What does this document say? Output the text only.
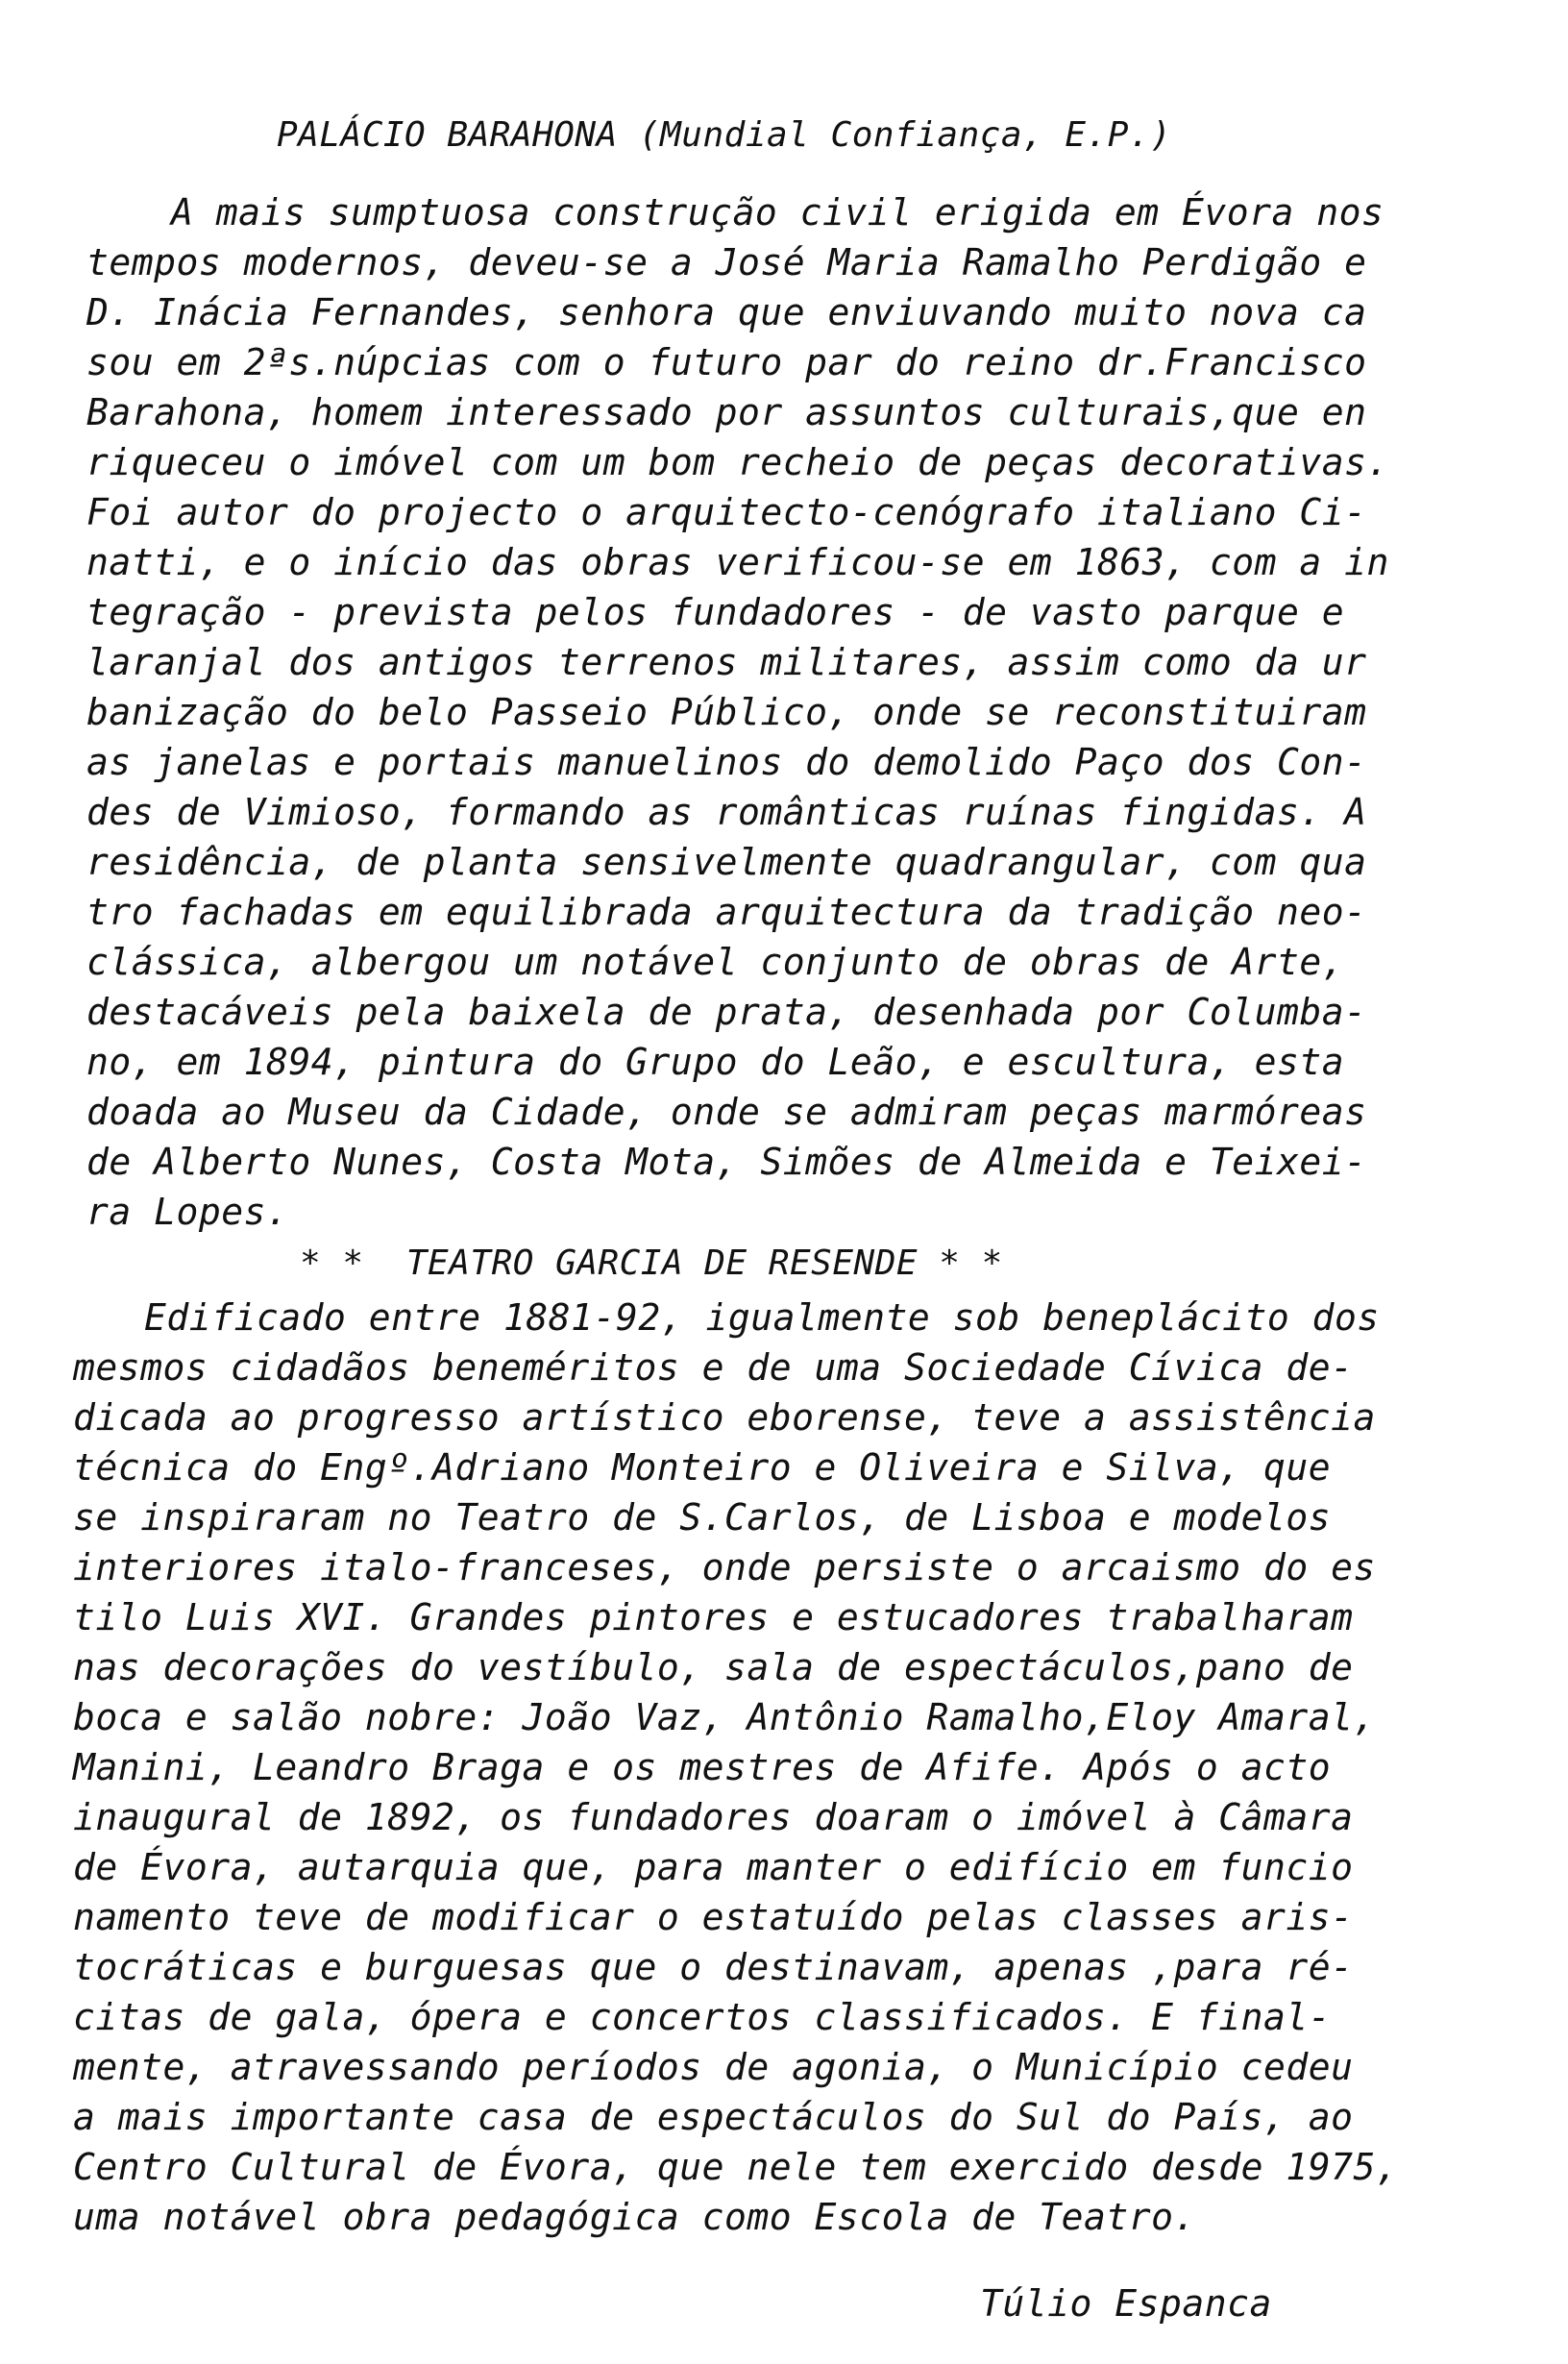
PALÁCIO BARAHONA (Mundial Confiança, E.P.)
A mais sumptuosa construção civil erigida em Évora nos
tempos modernos, deveu-se a José Maria Ramalho Perdigão e
D. Inácia Fernandes, senhora que enviuvando muito nova ca
sou em 2ªs.núpcias com o futuro par do reino dr.Francisco
Barahona, homem interessado por assuntos culturais,que en
riqueceu o imóvel com um bom recheio de peças decorativas.
Foi autor do projecto o arquitecto-cenógrafo italiano Ci-
natti, e o início das obras verificou-se em 1863, com a in
tegração - prevista pelos fundadores - de vasto parque e
laranjal dos antigos terrenos militares, assim como da ur
banização do belo Passeio Público, onde se reconstituiram
as janelas e portais manuelinos do demolido Paço dos Con-
des de Vimioso, formando as românticas ruínas fingidas. A
residência, de planta sensivelmente quadrangular, com qua
tro fachadas em equilibrada arquitectura da tradição neo-
clássica, albergou um notável conjunto de obras de Arte,
destacáveis pela baixela de prata, desenhada por Columba-
no, em 1894, pintura do Grupo do Leão, e escultura, esta
doada ao Museu da Cidade, onde se admiram peças marmóreas
de Alberto Nunes, Costa Mota, Simões de Almeida e Teixei-
ra Lopes.
* *  TEATRO GARCIA DE RESENDE * *
Edificado entre 1881-92, igualmente sob beneplácito dos
mesmos cidadãos beneméritos e de uma Sociedade Cívica de-
dicada ao progresso artístico eborense, teve a assistência
técnica do Engº.Adriano Monteiro e Oliveira e Silva, que
se inspiraram no Teatro de S.Carlos, de Lisboa e modelos
interiores italo-franceses, onde persiste o arcaismo do es
tilo Luis XVI. Grandes pintores e estucadores trabalharam
nas decorações do vestíbulo, sala de espectáculos,pano de
boca e salão nobre: João Vaz, Antônio Ramalho,Eloy Amaral,
Manini, Leandro Braga e os mestres de Afife. Após o acto
inaugural de 1892, os fundadores doaram o imóvel à Câmara
de Évora, autarquia que, para manter o edifício em funcio
namento teve de modificar o estatuído pelas classes aris-
tocráticas e burguesas que o destinavam, apenas ,para ré-
citas de gala, ópera e concertos classificados. E final-
mente, atravessando períodos de agonia, o Município cedeu
a mais importante casa de espectáculos do Sul do País, ao
Centro Cultural de Évora, que nele tem exercido desde 1975,
uma notável obra pedagógica como Escola de Teatro.
Túlio Espanca
